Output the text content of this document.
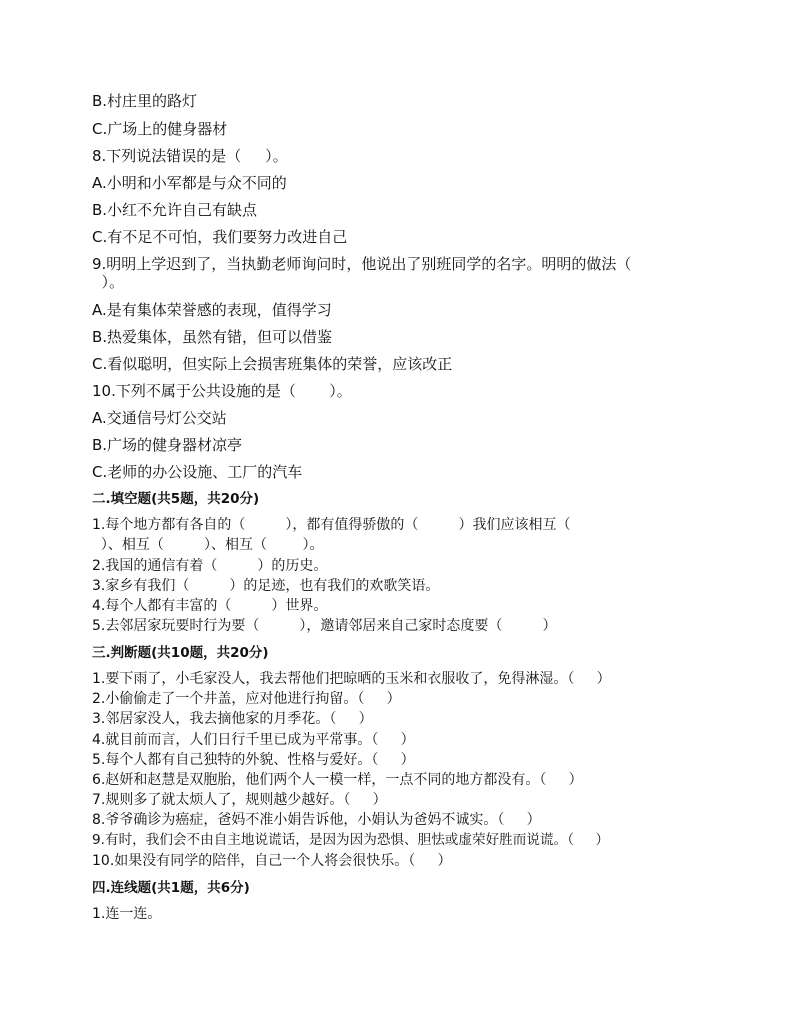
B.村庄里的路灯
C.广场上的健身器材
8.下列说法错误的是（     ）。
A.小明和小军都是与众不同的
B.小红不允许自己有缺点
C.有不足不可怕，我们要努力改进自己
9.明明上学迟到了，当执勤老师询问时，他说出了别班同学的名字。明明的做法（
）。
A.是有集体荣誉感的表现，值得学习
B.热爱集体，虽然有错，但可以借鉴
C.看似聪明，但实际上会损害班集体的荣誉，应该改正
10.下列不属于公共设施的是（       ）。
A.交通信号灯公交站
B.广场的健身器材凉亭
C.老师的办公设施、工厂的汽车
二.填空题(共5题，共20分)
1.每个地方都有各自的（         ），都有值得骄傲的（         ）我们应该相互（
）、相互（         ）、相互（        ）。
2.我国的通信有着（         ）的历史。
3.家乡有我们（         ）的足迹，也有我们的欢歌笑语。
4.每个人都有丰富的（         ）世界。
5.去邻居家玩要时行为要（         ），邀请邻居来自己家时态度要（         ）
三.判断题(共10题，共20分)
1.要下雨了，小毛家没人，我去帮他们把晾晒的玉米和衣服收了，免得淋湿。（     ）
2.小偷偷走了一个井盖，应对他进行拘留。（     ）
3.邻居家没人，我去摘他家的月季花。（     ）
4.就目前而言，人们日行千里已成为平常事。（     ）
5.每个人都有自己独特的外貌、性格与爱好。（     ）
6.赵妍和赵慧是双胞胎，他们两个人一模一样，一点不同的地方都没有。（     ）
7.规则多了就太烦人了，规则越少越好。（     ）
8.爷爷确诊为癌症，爸妈不准小娟告诉他，小娟认为爸妈不诚实。（     ）
9.有时，我们会不由自主地说谎话，是因为因为恐惧、胆怯或虚荣好胜而说谎。（     ）
10.如果没有同学的陪伴，自己一个人将会很快乐。（     ）
四.连线题(共1题，共6分)
1.连一连。
